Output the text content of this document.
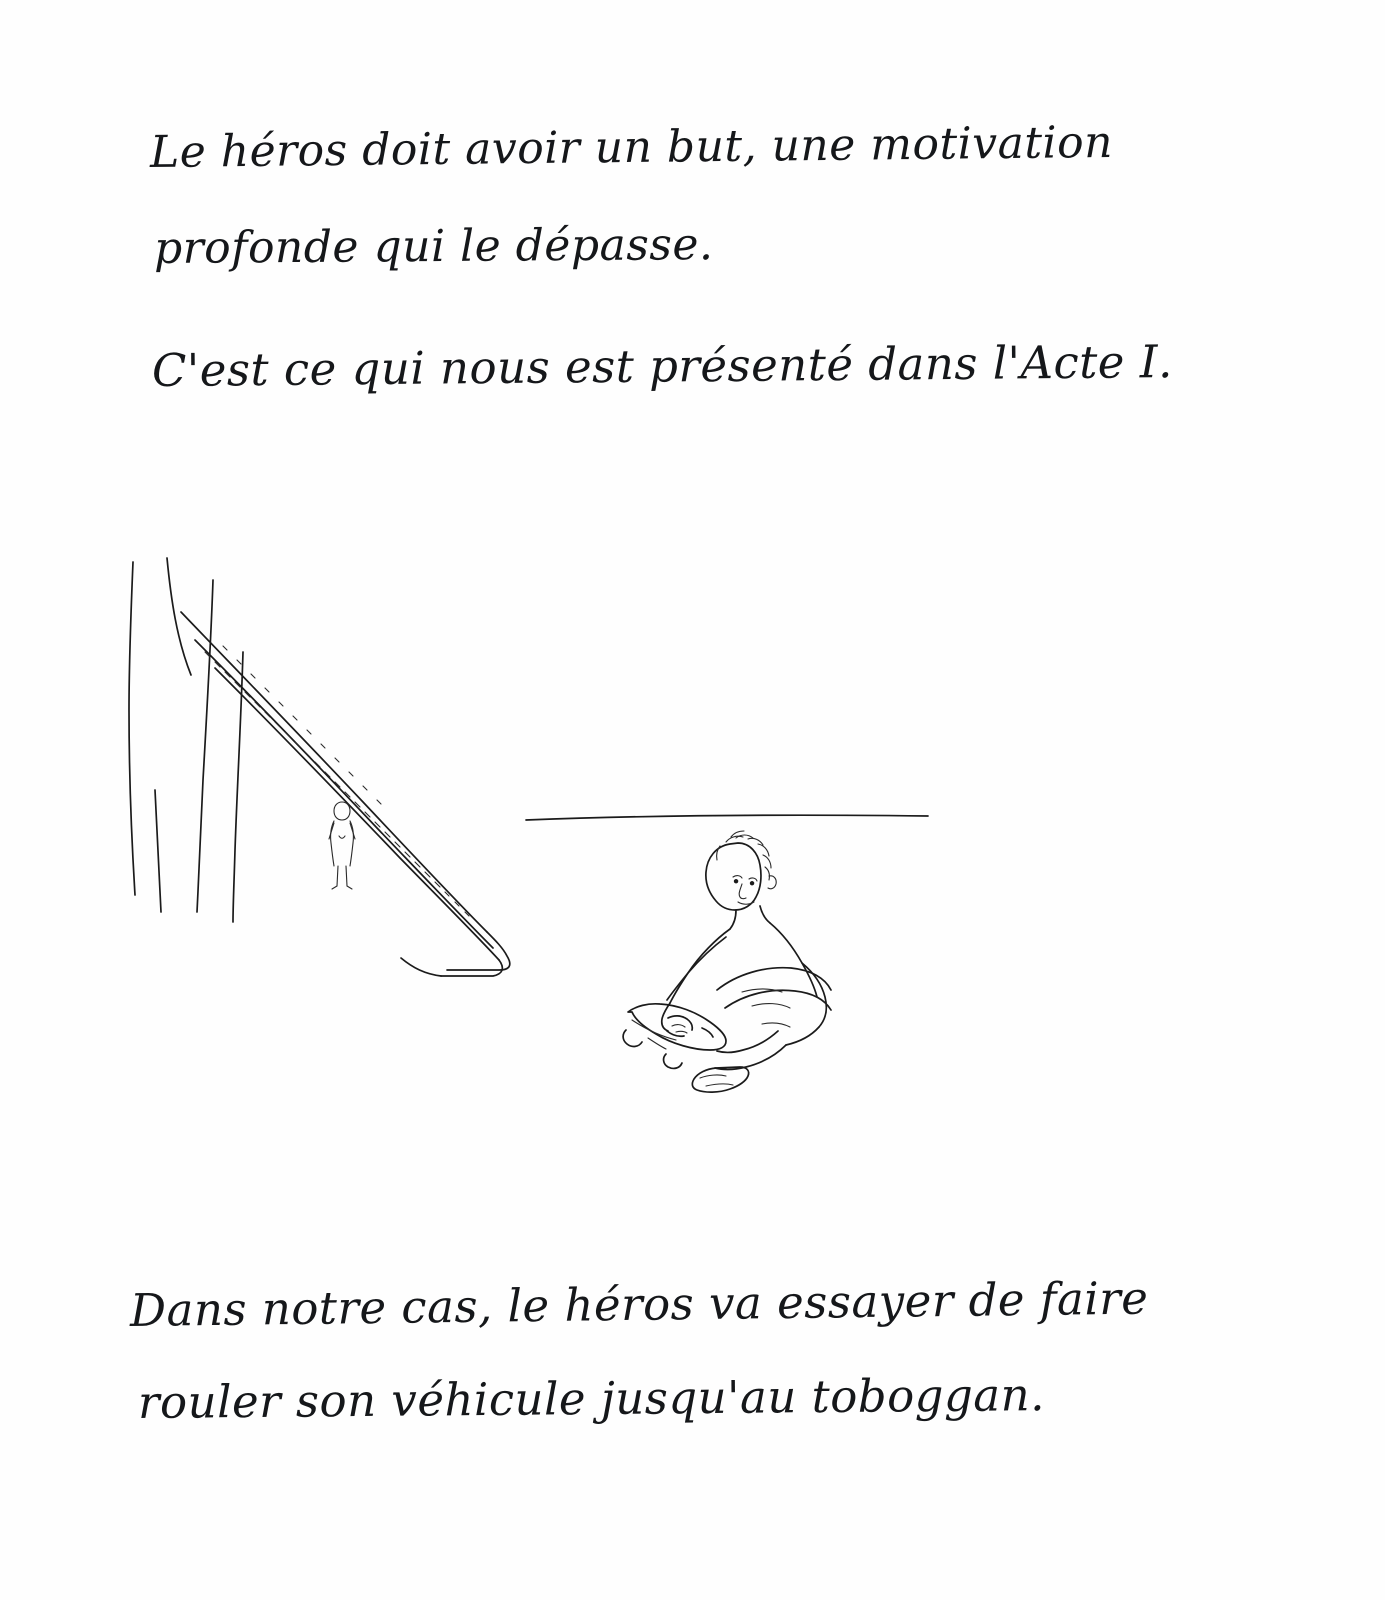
Le héros doit avoir un but, une motivation
profonde qui le dépasse.
C'est ce qui nous est présenté dans l'Acte I.
Dans notre cas, le héros va essayer de faire
rouler son véhicule jusqu'au toboggan.
